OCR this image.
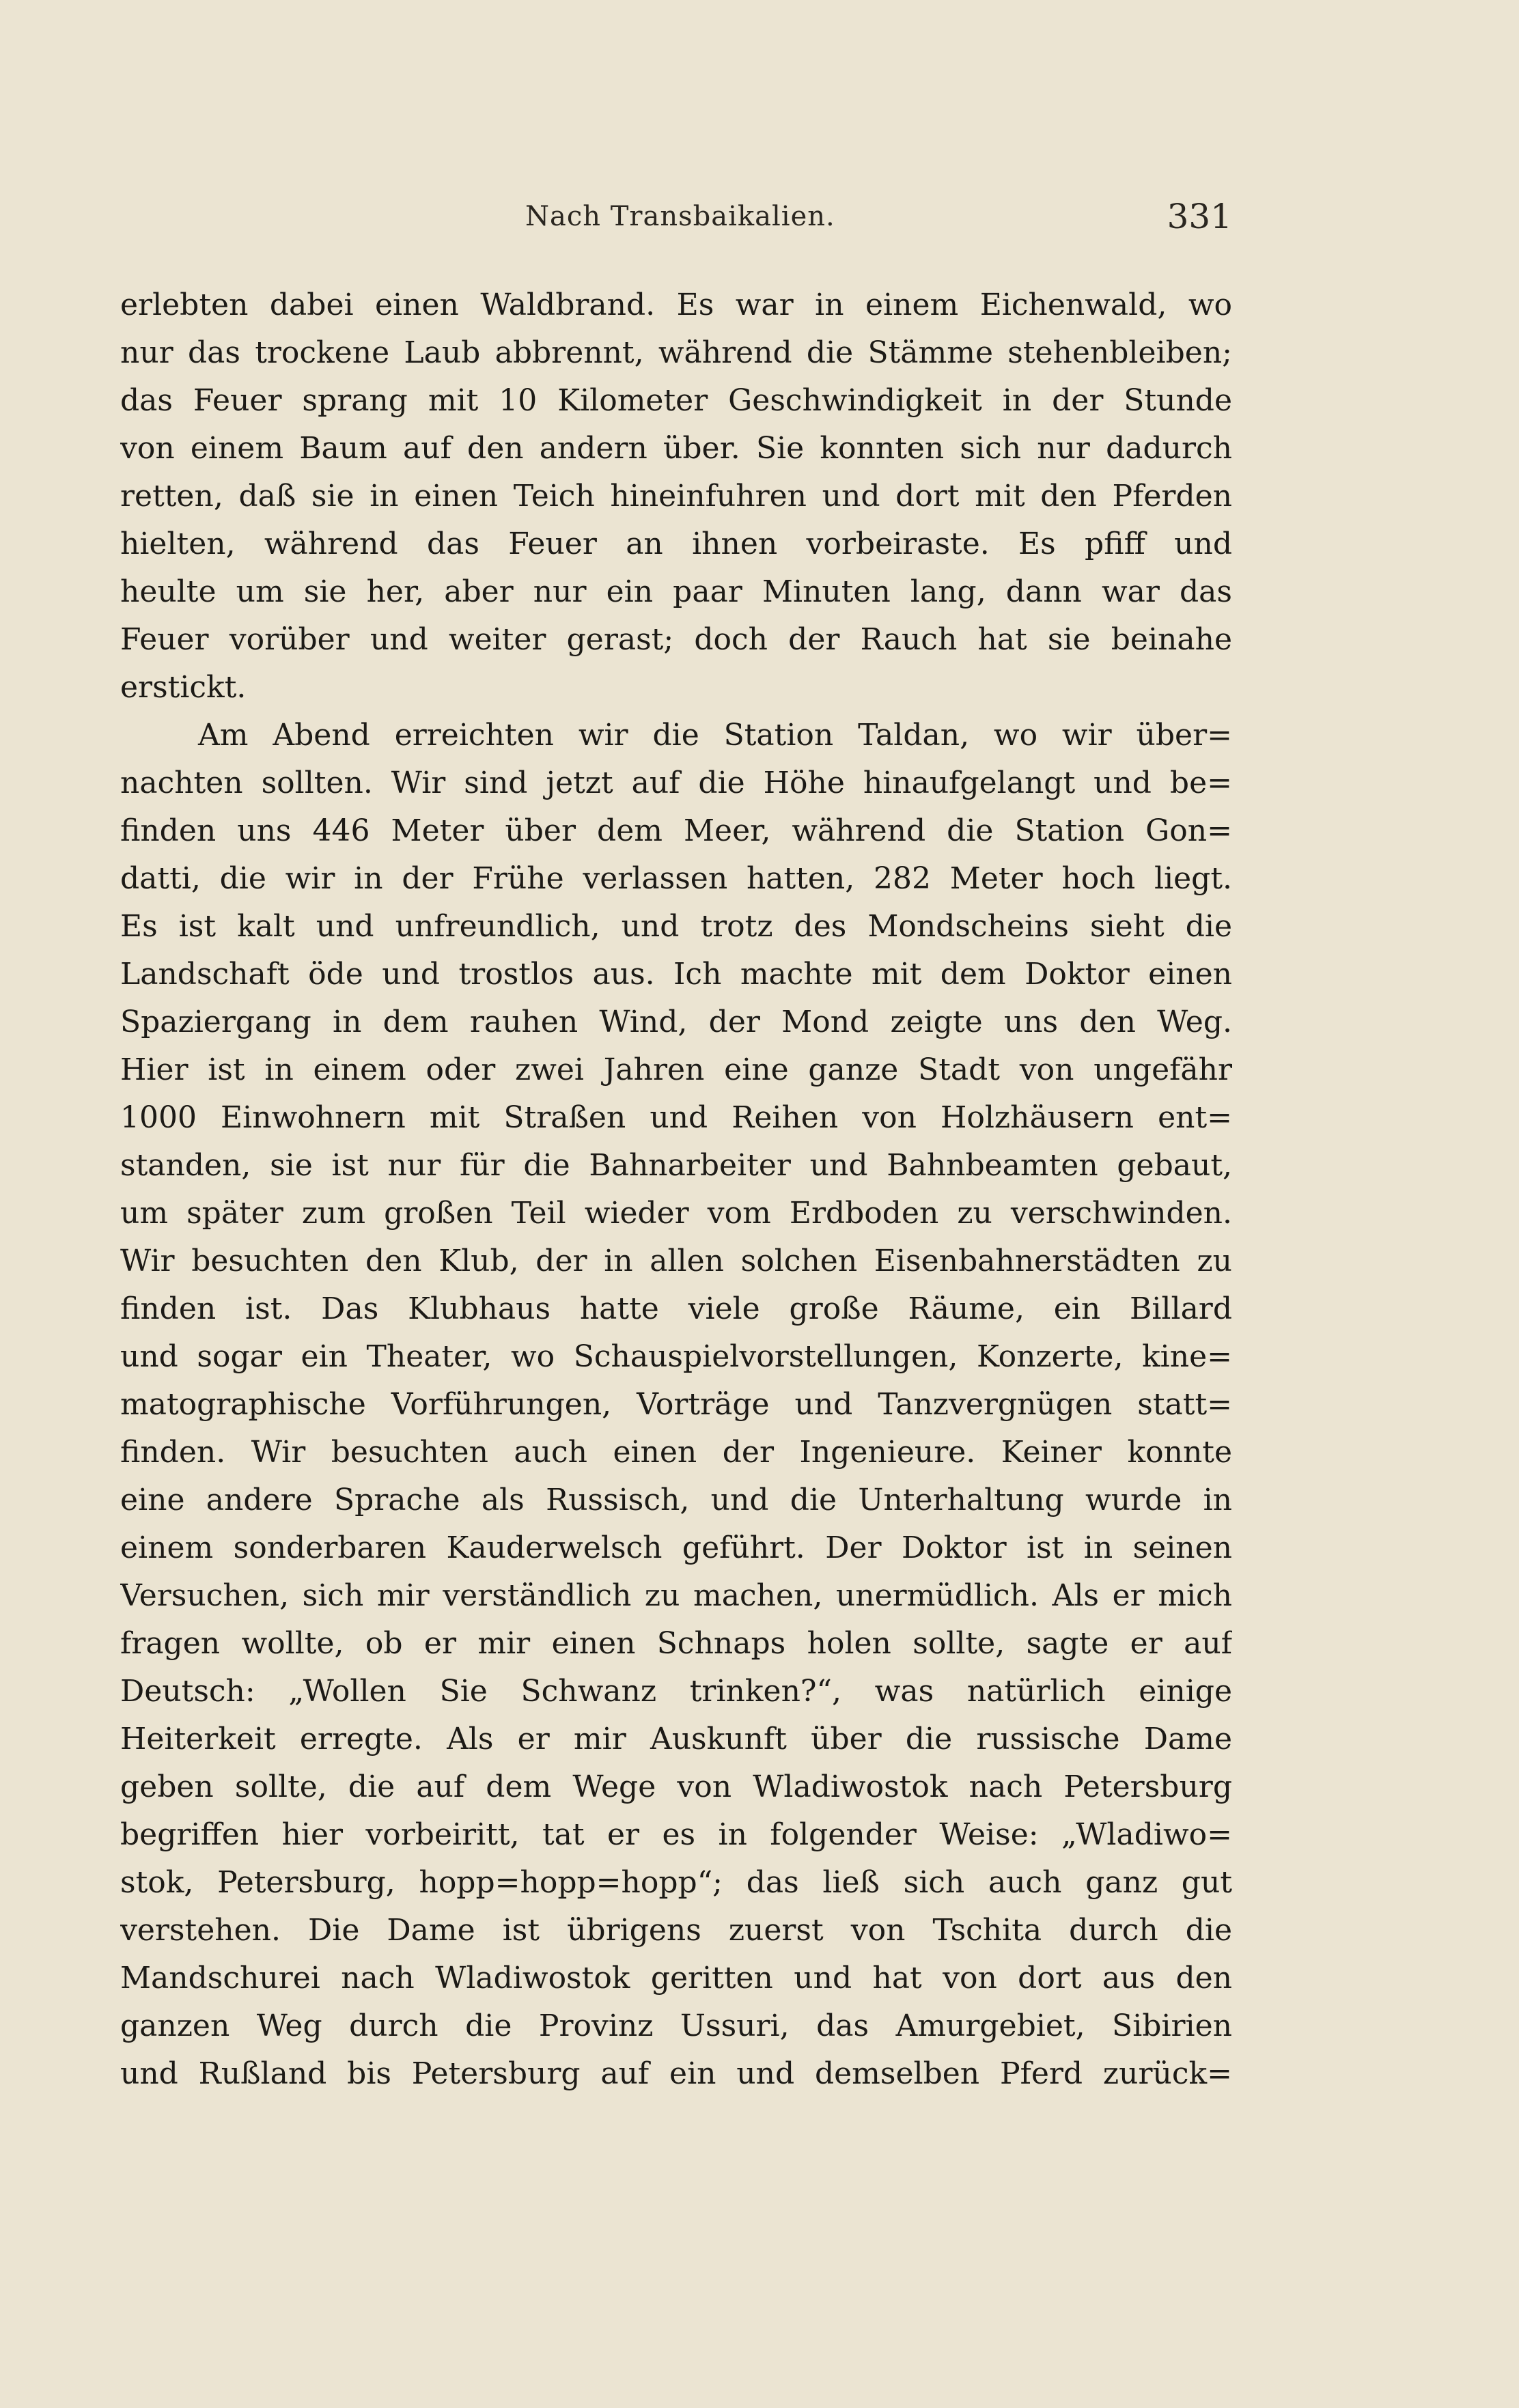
Nach Transbaikalien.	331
erlebten dabei einen Waldbrand. Es war in einem Eichenwald, wo
nur das trockene Laub abbrennt, während die Stämme stehenbleiben;
das Feuer sprang mit 10 Kilometer Geschwindigkeit in der Stunde
von einem Baum auf den andern über. Sie konnten sich nur dadurch
retten, daß sie in einen Teich hineinfuhren und dort mit den Pferden
hielten, während das Feuer an ihnen vorbeiraste. Es pfiff und
heulte um sie her, aber nur ein paar Minuten lang, dann war das
Feuer vorüber und weiter gerast; doch der Rauch hat sie beinahe
erstickt.
Am Abend erreichten wir die Station Taldan, wo wir über=
nachten sollten. Wir sind jetzt auf die Höhe hinaufgelangt und be=
finden uns 446 Meter über dem Meer, während die Station Gon=
datti, die wir in der Frühe verlassen hatten, 282 Meter hoch liegt.
Es ist kalt und unfreundlich, und trotz des Mondscheins sieht die
Landschaft öde und trostlos aus. Ich machte mit dem Doktor einen
Spaziergang in dem rauhen Wind, der Mond zeigte uns den Weg.
Hier ist in einem oder zwei Jahren eine ganze Stadt von ungefähr
1000 Einwohnern mit Straßen und Reihen von Holzhäusern ent=
standen, sie ist nur für die Bahnarbeiter und Bahnbeamten gebaut,
um später zum großen Teil wieder vom Erdboden zu verschwinden.
Wir besuchten den Klub, der in allen solchen Eisenbahnerstädten zu
finden ist. Das Klubhaus hatte viele große Räume, ein Billard
und sogar ein Theater, wo Schauspielvorstellungen, Konzerte, kine=
matographische Vorführungen, Vorträge und Tanzvergnügen statt=
finden. Wir besuchten auch einen der Ingenieure. Keiner konnte
eine andere Sprache als Russisch, und die Unterhaltung wurde in
einem sonderbaren Kauderwelsch geführt. Der Doktor ist in seinen
Versuchen, sich mir verständlich zu machen, unermüdlich. Als er mich
fragen wollte, ob er mir einen Schnaps holen sollte, sagte er auf
Deutsch: „Wollen Sie Schwanz trinken?“, was natürlich einige
Heiterkeit erregte. Als er mir Auskunft über die russische Dame
geben sollte, die auf dem Wege von Wladiwostok nach Petersburg
begriffen hier vorbeiritt, tat er es in folgender Weise: „Wladiwo=
stok, Petersburg, hopp=hopp=hopp“; das ließ sich auch ganz gut
verstehen. Die Dame ist übrigens zuerst von Tschita durch die
Mandschurei nach Wladiwostok geritten und hat von dort aus den
ganzen Weg durch die Provinz Ussuri, das Amurgebiet, Sibirien
und Rußland bis Petersburg auf ein und demselben Pferd zurück=
